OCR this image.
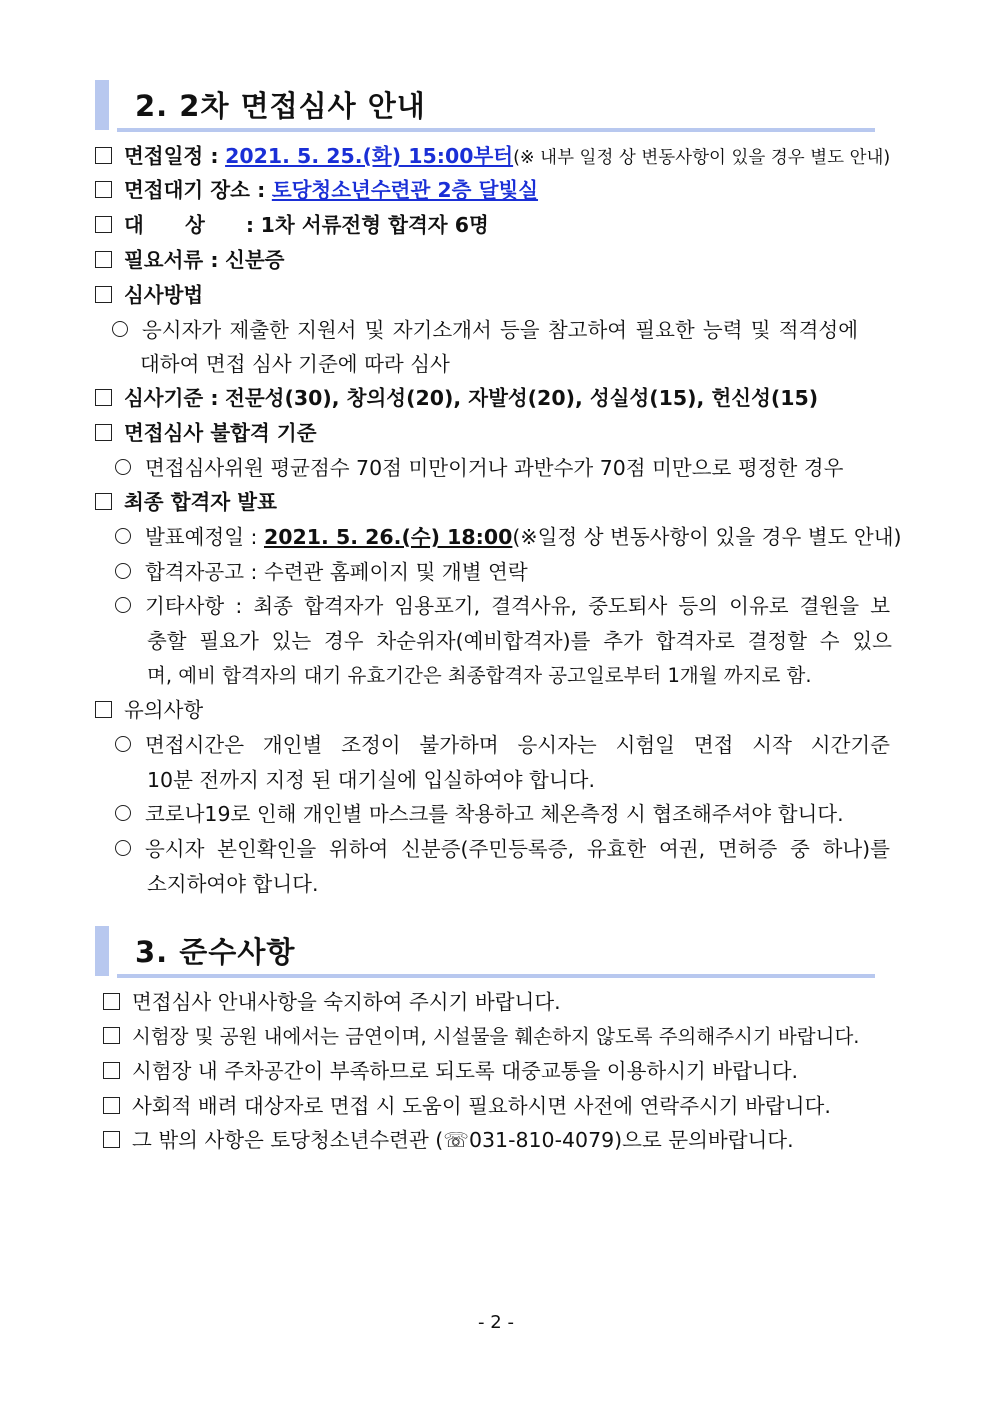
2. 2차 면접심사 안내
면접일정 : 2021. 5. 25.(화) 15:00부터(※ 내부 일정 상 변동사항이 있을 경우 별도 안내)
면접대기 장소 : 토당청소년수련관 2층 달빛실
대 상 : 1차 서류전형 합격자 6명
필요서류 : 신분증
심사방법
응시자가 제출한 지원서 및 자기소개서 등을 참고하여 필요한 능력 및 적격성에
대하여 면접 심사 기준에 따라 심사
심사기준 : 전문성(30), 창의성(20), 자발성(20), 성실성(15), 헌신성(15)
면접심사 불합격 기준
면접심사위원 평균점수 70점 미만이거나 과반수가 70점 미만으로 평정한 경우
최종 합격자 발표
발표예정일 : 2021. 5. 26.(수) 18:00(※일정 상 변동사항이 있을 경우 별도 안내)
합격자공고 : 수련관 홈페이지 및 개별 연락
기타사항 : 최종 합격자가 임용포기, 결격사유, 중도퇴사 등의 이유로 결원을 보
충할 필요가 있는 경우 차순위자(예비합격자)를 추가 합격자로 결정할 수 있으
며, 예비 합격자의 대기 유효기간은 최종합격자 공고일로부터 1개월 까지로 함.
유의사항
면접시간은 개인별 조정이 불가하며 응시자는 시험일 면접 시작 시간기준
10분 전까지 지정 된 대기실에 입실하여야 합니다.
코로나19로 인해 개인별 마스크를 착용하고 체온측정 시 협조해주셔야 합니다.
응시자 본인확인을 위하여 신분증(주민등록증, 유효한 여권, 면허증 중 하나)를
소지하여야 합니다.
3. 준수사항
면접심사 안내사항을 숙지하여 주시기 바랍니다.
시험장 및 공원 내에서는 금연이며, 시설물을 훼손하지 않도록 주의해주시기 바랍니다.
시험장 내 주차공간이 부족하므로 되도록 대중교통을 이용하시기 바랍니다.
사회적 배려 대상자로 면접 시 도움이 필요하시면 사전에 연락주시기 바랍니다.
그 밖의 사항은 토당청소년수련관 (☏031-810-4079)으로 문의바랍니다.
- 2 -
